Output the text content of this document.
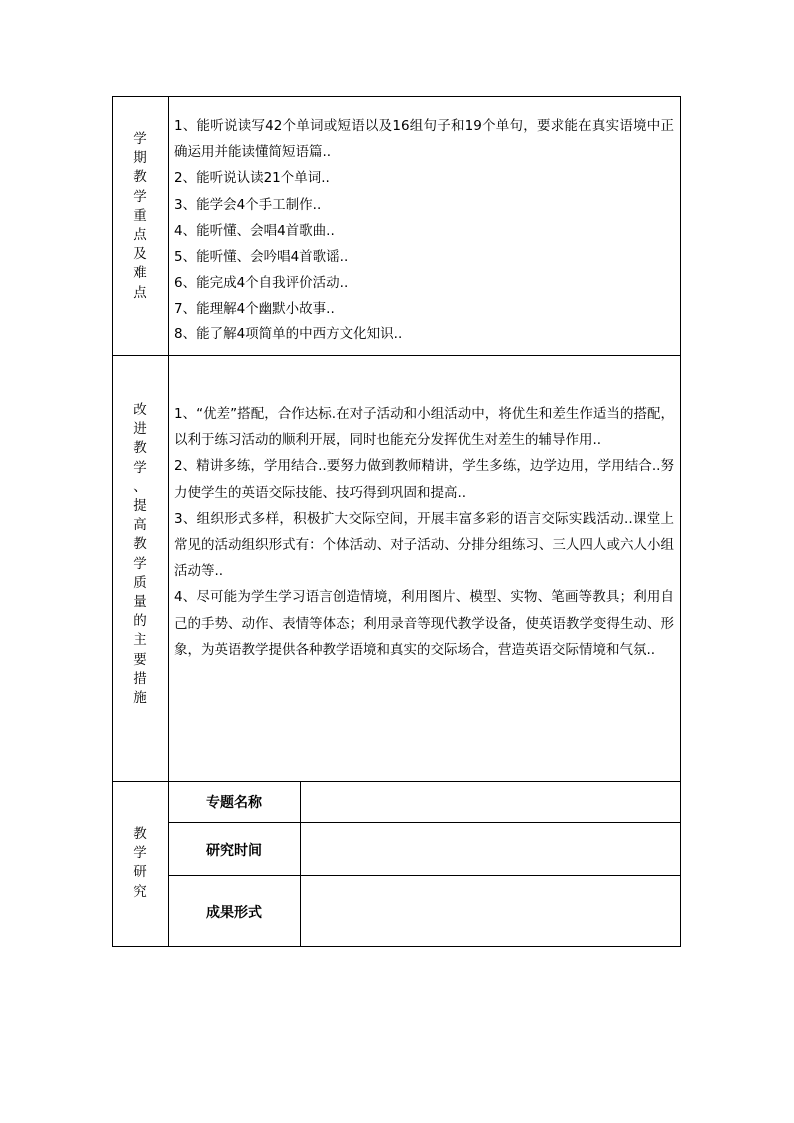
学
期
教
学
重
点
及
难
点

1、能听说读写42个单词或短语以及16组句子和19个单句，要求能在真实语境中正确运用并能读懂简短语篇..

2、能听说认读21个单词..

3、能学会4个手工制作..

4、能听懂、会唱4首歌曲..

5、能听懂、会吟唱4首歌谣..

6、能完成4个自我评价活动..

7、能理解4个幽默小故事..

8、能了解4项简单的中西方文化知识..

改
进
教
学
、
提
高
教
学
质
量
的
主
要
措
施

1、“优差”搭配，合作达标.在对子活动和小组活动中，将优生和差生作适当的搭配，以利于练习活动的顺利开展，同时也能充分发挥优生对差生的辅导作用..

2、精讲多练，学用结合..要努力做到教师精讲，学生多练，边学边用，学用结合..努力使学生的英语交际技能、技巧得到巩固和提高..

3、组织形式多样，积极扩大交际空间，开展丰富多彩的语言交际实践活动..课堂上常见的活动组织形式有：个体活动、对子活动、分排分组练习、三人四人或六人小组活动等..

4、尽可能为学生学习语言创造情境，利用图片、模型、实物、笔画等教具；利用自己的手势、动作、表情等体态；利用录音等现代教学设备，使英语教学变得生动、形象，为英语教学提供各种教学语境和真实的交际场合，营造英语交际情境和气氛..

教
学
研
究
专题名称
研究时间
成果形式
